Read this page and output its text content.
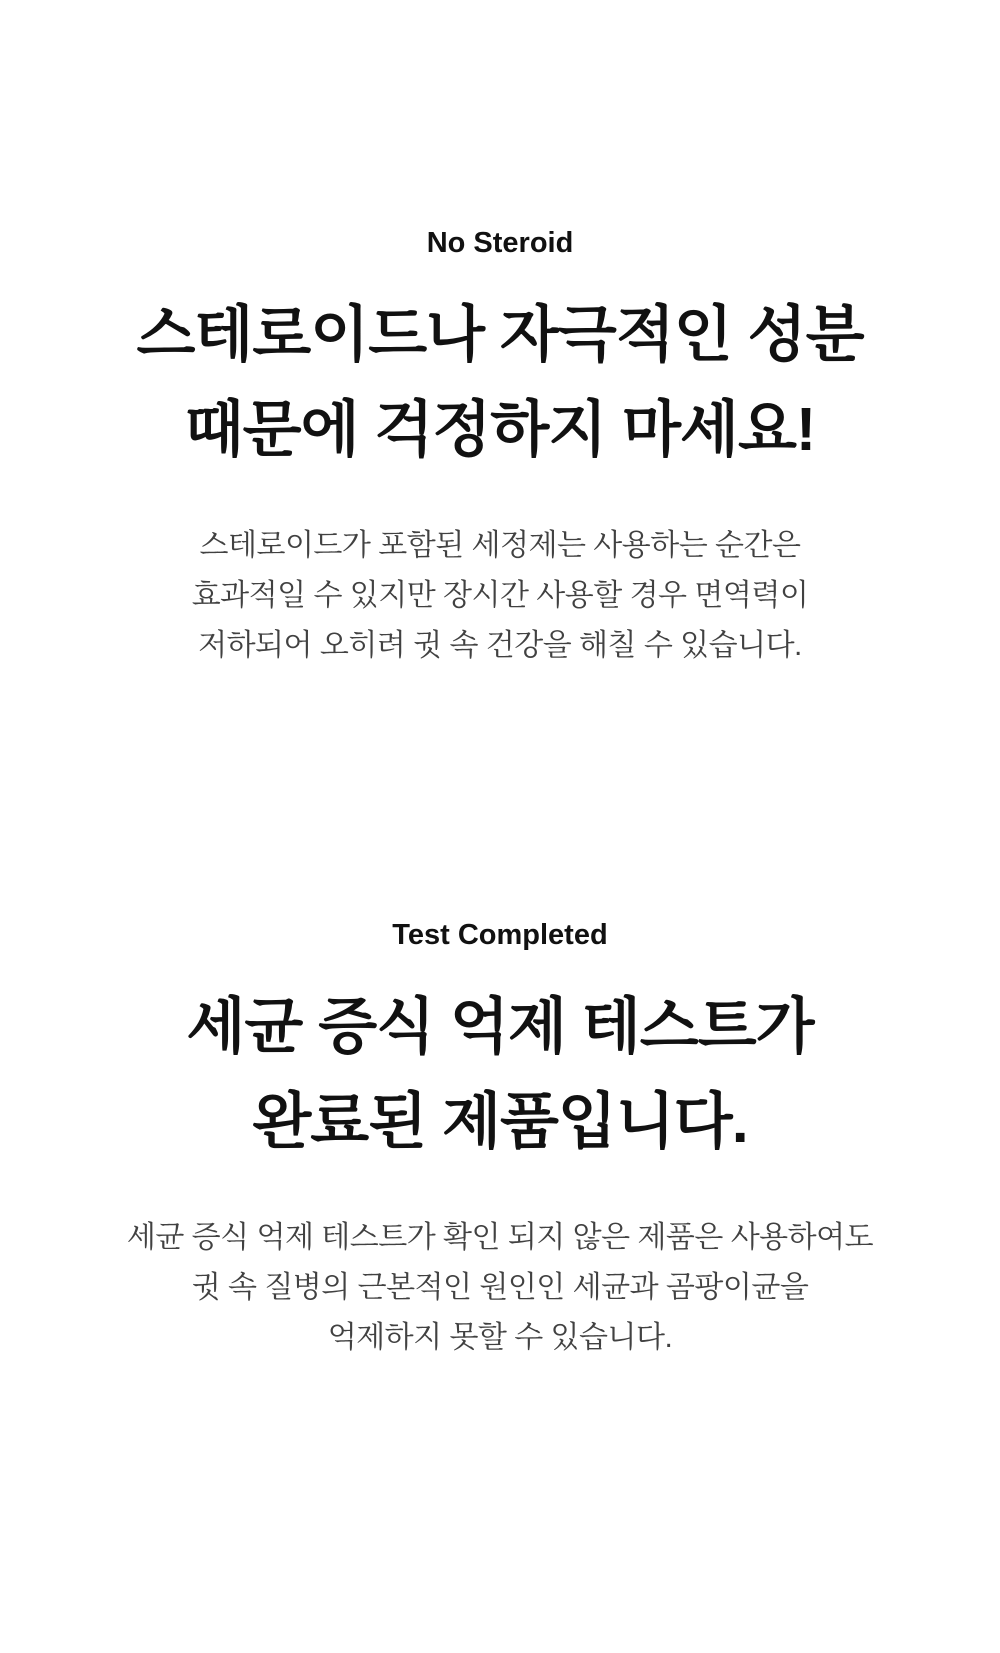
No Steroid
스테로이드나 자극적인 성분
때문에 걱정하지 마세요!

스테로이드가 포함된 세정제는 사용하는 순간은
효과적일 수 있지만 장시간 사용할 경우 면역력이
저하되어 오히려 귓 속 건강을 해칠 수 있습니다.

Test Completed
세균 증식 억제 테스트가
완료된 제품입니다.

세균 증식 억제 테스트가 확인 되지 않은 제품은 사용하여도
귓 속 질병의 근본적인 원인인 세균과 곰팡이균을
억제하지 못할 수 있습니다.
